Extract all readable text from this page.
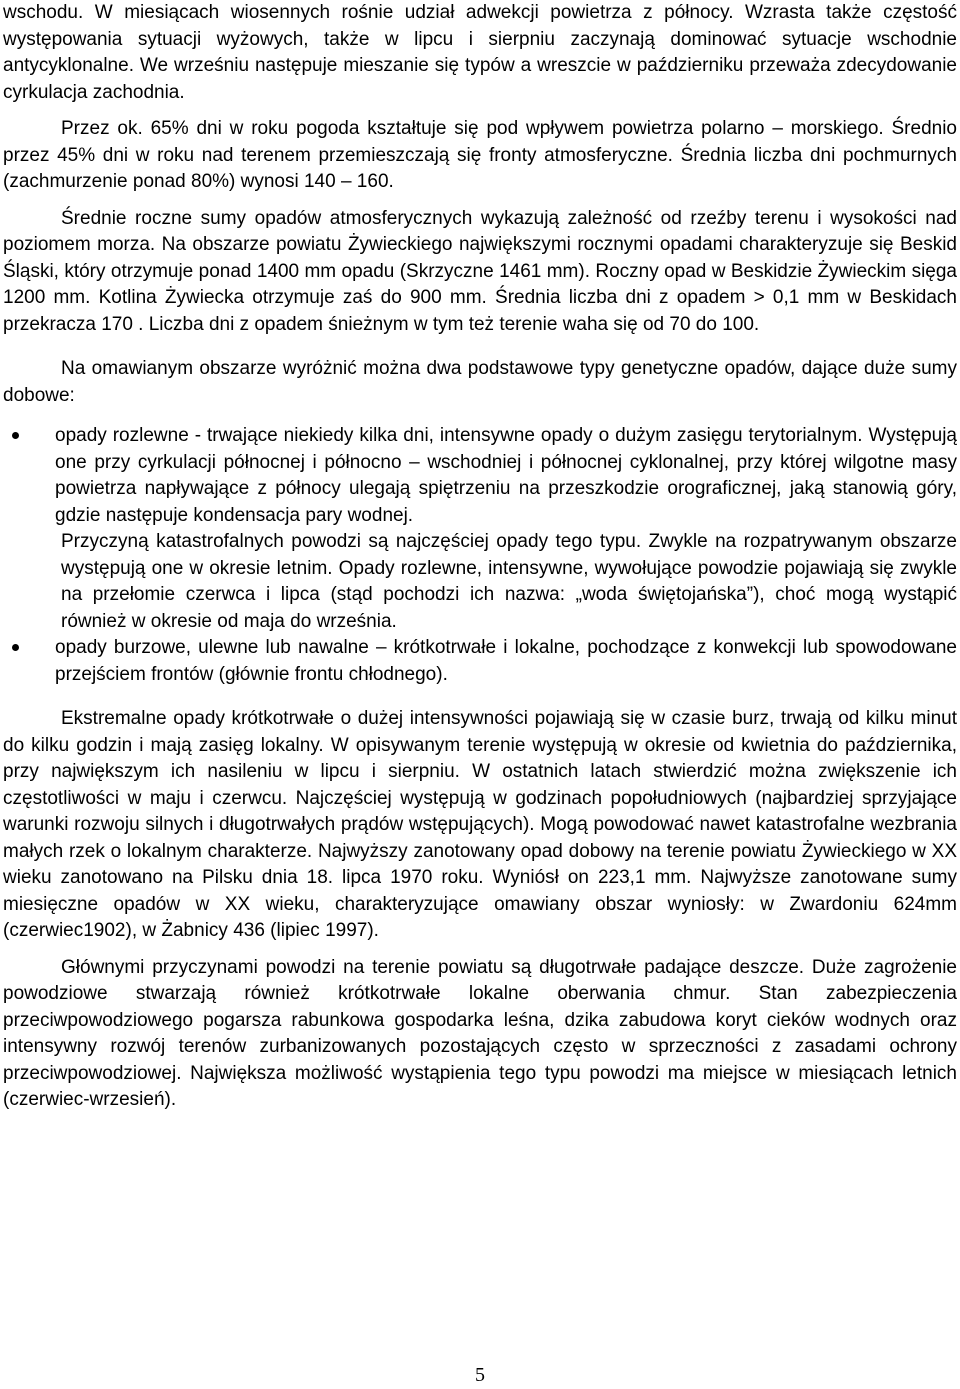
wschodu. W miesiącach wiosennych rośnie udział adwekcji powietrza z północy. Wzrasta także częstość występowania sytuacji wyżowych, także w lipcu i sierpniu zaczynają dominować sytuacje wschodnie antycyklonalne. We wrześniu następuje mieszanie się typów a wreszcie w październiku przeważa zdecydowanie cyrkulacja zachodnia.

Przez ok. 65% dni w roku pogoda kształtuje się pod wpływem powietrza polarno – morskiego. Średnio przez 45% dni w roku nad terenem przemieszczają się fronty atmosferyczne. Średnia liczba dni pochmurnych (zachmurzenie ponad 80%) wynosi 140 – 160.

Średnie roczne sumy opadów atmosferycznych wykazują zależność od rzeźby terenu i wysokości nad poziomem morza. Na obszarze powiatu Żywieckiego największymi rocznymi opadami charakteryzuje się Beskid Śląski, który otrzymuje ponad 1400 mm opadu (Skrzyczne 1461 mm). Roczny opad w Beskidzie Żywieckim sięga 1200 mm. Kotlina Żywiecka otrzymuje zaś do 900 mm. Średnia liczba dni z opadem > 0,1 mm w Beskidach przekracza 170 . Liczba dni z opadem śnieżnym w tym też terenie waha się od 70 do 100.

Na omawianym obszarze wyróżnić można dwa podstawowe typy genetyczne opadów, dające duże sumy dobowe:

opady rozlewne - trwające niekiedy kilka dni, intensywne opady o dużym zasięgu terytorialnym. Występują one przy cyrkulacji północnej i północno – wschodniej i północnej cyklonalnej, przy której wilgotne masy powietrza napływające z północy ulegają spiętrzeniu na przeszkodzie orograficznej, jaką stanowią góry, gdzie następuje kondensacja pary wodnej.

Przyczyną katastrofalnych powodzi są najczęściej opady tego typu. Zwykle na rozpatrywanym obszarze występują one w okresie letnim. Opady rozlewne, intensywne, wywołujące powodzie pojawiają się zwykle na przełomie czerwca i lipca (stąd pochodzi ich nazwa: „woda świętojańska”), choć mogą wystąpić również w okresie od maja do września.

opady burzowe, ulewne lub nawalne – krótkotrwałe i lokalne, pochodzące z konwekcji lub spowodowane przejściem frontów (głównie frontu chłodnego).

Ekstremalne opady krótkotrwałe o dużej intensywności pojawiają się w czasie burz, trwają od kilku minut do kilku godzin i mają zasięg lokalny. W opisywanym terenie występują w okresie od kwietnia do października, przy największym ich nasileniu w lipcu i sierpniu. W ostatnich latach stwierdzić można zwiększenie ich częstotliwości w maju i czerwcu. Najczęściej występują w godzinach popołudniowych (najbardziej sprzyjające warunki rozwoju silnych i długotrwałych prądów wstępujących). Mogą powodować nawet katastrofalne wezbrania małych rzek o lokalnym charakterze. Najwyższy zanotowany opad dobowy na terenie powiatu Żywieckiego w XX wieku zanotowano na Pilsku dnia 18. lipca 1970 roku. Wyniósł on 223,1 mm. Najwyższe zanotowane sumy miesięczne opadów w XX wieku, charakteryzujące omawiany obszar wyniosły: w Zwardoniu 624mm (czerwiec1902), w Żabnicy 436 (lipiec 1997).

Głównymi przyczynami powodzi na terenie powiatu są długotrwałe padające deszcze. Duże zagrożenie powodziowe stwarzają również krótkotrwałe lokalne oberwania chmur. Stan zabezpieczenia przeciwpowodziowego pogarsza rabunkowa gospodarka leśna, dzika zabudowa koryt cieków wodnych oraz intensywny rozwój terenów zurbanizowanych pozostających często w sprzeczności z zasadami ochrony przeciwpowodziowej. Największa możliwość wystąpienia tego typu powodzi ma miejsce w miesiącach letnich (czerwiec-wrzesień).

5
